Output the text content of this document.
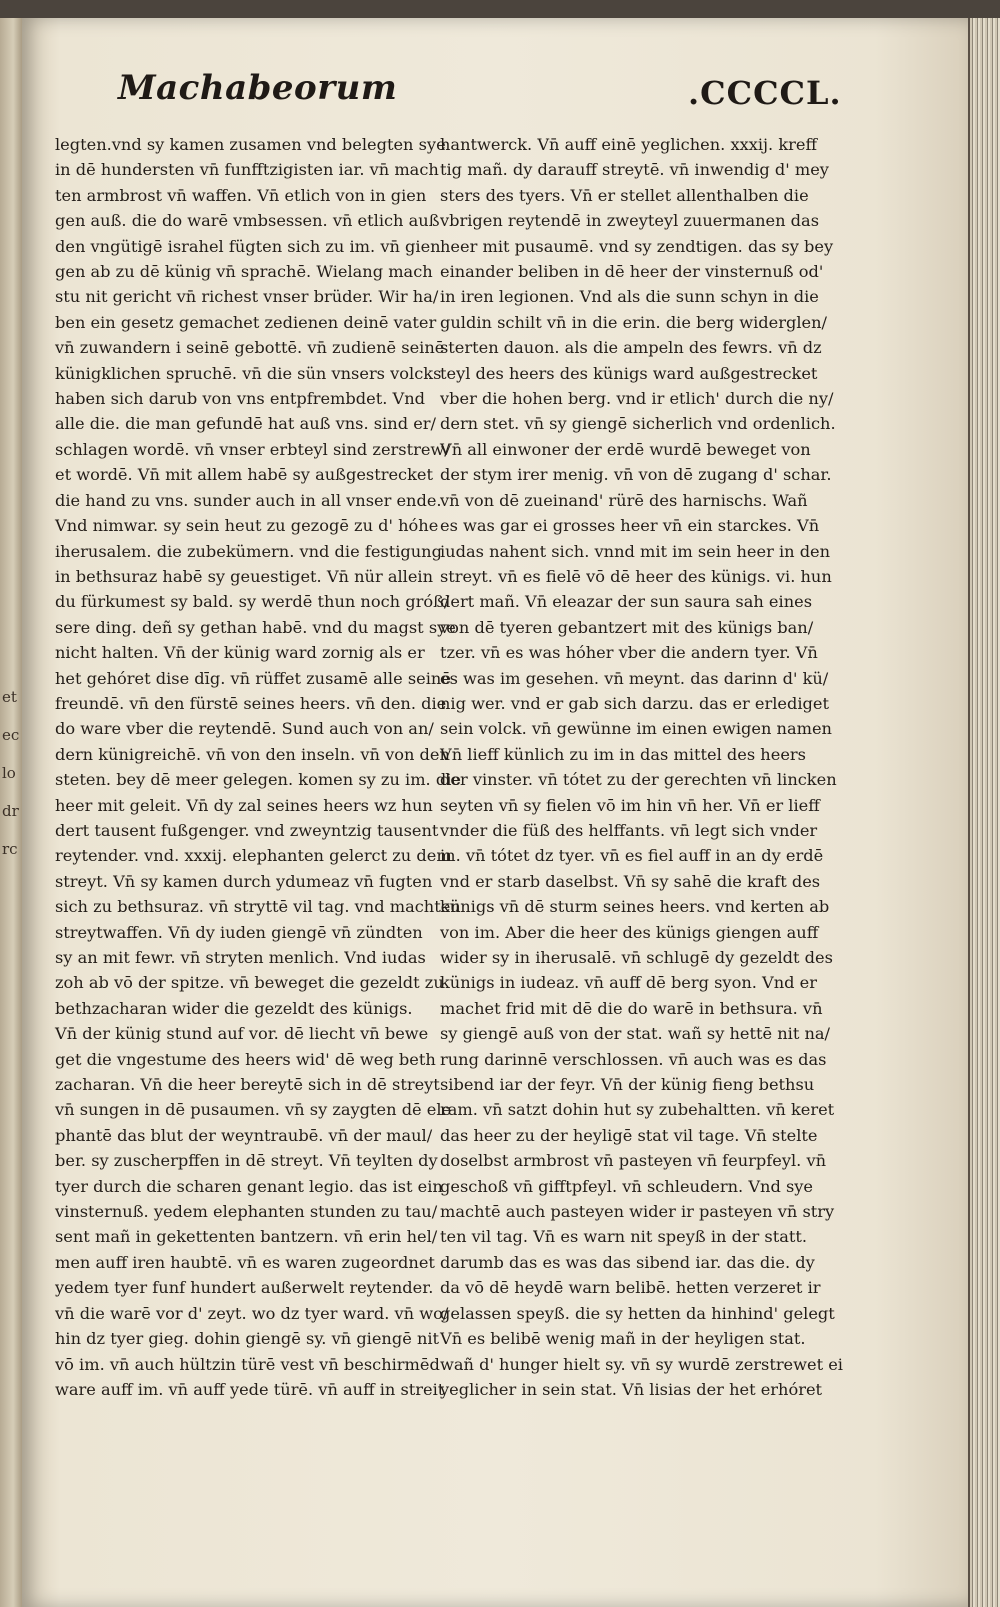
et
ec
lo
dr
rc
Machabeorum	.CCCCL.
legten.vnd sy kamen zusamen vnd belegten sye
in dē hundersten vn̄ funfftzigisten iar. vn̄ mach
ten armbrost vn̄ waffen. Vn̄ etlich von in gien
gen auß. die do warē vmbsessen. vn̄ etlich auß
den vngütigē israhel fügten sich zu im. vn̄ gien
gen ab zu dē künig vn̄ sprachē. Wielang mach
stu nit gericht vn̄ richest vnser brüder. Wir ha/
ben ein gesetz gemachet zedienen deinē vater
vn̄ zuwandern i seinē gebottē. vn̄ zudienē seinē
künigklichen spruchē. vn̄ die sün vnsers volcks
haben sich darub von vns entpfrembdet. Vnd
alle die. die man gefundē hat auß vns. sind er/
schlagen wordē. vn̄ vnser erbteyl sind zerstrew/
et wordē. Vn̄ mit allem habē sy außgestrecket
die hand zu vns. sunder auch in all vnser ende.
Vnd nimwar. sy sein heut zu gezogē zu d' hóhe
iherusalem. die zubekümern. vnd die festigung
in bethsuraz habē sy geuestiget. Vn̄ nür allein
du fürkumest sy bald. sy werdē thun noch gróß/
sere ding. deñ sy gethan habē. vnd du magst sye
nicht halten. Vn̄ der künig ward zornig als er
het gehóret dise dīg. vn̄ rüffet zusamē alle seinē
freundē. vn̄ den fürstē seines heers. vn̄ den. die
do ware vber die reytendē. Sund auch von an/
dern künigreichē. vn̄ von den inseln. vn̄ von den
steten. bey dē meer gelegen. komen sy zu im. die
heer mit geleit. Vn̄ dy zal seines heers wz hun
dert tausent fußgenger. vnd zweyntzig tausent
reytender. vnd. xxxij. elephanten gelerct zu dem
streyt. Vn̄ sy kamen durch ydumeaz vn̄ fugten
sich zu bethsuraz. vn̄ stryttē vil tag. vnd machten
streytwaffen. Vn̄ dy iuden giengē vn̄ zündten
sy an mit fewr. vn̄ stryten menlich. Vnd iudas
zoh ab vō der spitze. vn̄ beweget die gezeldt zu
bethzacharan wider die gezeldt des künigs.
Vn̄ der künig stund auf vor. dē liecht vn̄ bewe
get die vngestume des heers wid' dē weg beth
zacharan. Vn̄ die heer bereytē sich in dē streyt
vn̄ sungen in dē pusaumen. vn̄ sy zaygten dē ele
phantē das blut der weyntraubē. vn̄ der maul/
ber. sy zuscherpffen in dē streyt. Vn̄ teylten dy
tyer durch die scharen genant legio. das ist ein
vinsternuß. yedem elephanten stunden zu tau/
sent mañ in gekettenten bantzern. vn̄ erin hel/
men auff iren haubtē. vn̄ es waren zugeordnet
yedem tyer funf hundert außerwelt reytender.
vn̄ die warē vor d' zeyt. wo dz tyer ward. vn̄ wo/
hin dz tyer gieg. dohin giengē sy. vn̄ giengē nit
vō im. vn̄ auch hültzin türē vest vn̄ beschirmēd
ware auff im. vn̄ auff yede türē. vn̄ auff in streit
hantwerck. Vn̄ auff einē yeglichen. xxxij. kreff
tig mañ. dy darauff streytē. vn̄ inwendig d' mey
sters des tyers. Vn̄ er stellet allenthalben die
vbrigen reytendē in zweyteyl zuuermanen das
heer mit pusaumē. vnd sy zendtigen. das sy bey
einander beliben in dē heer der vinsternuß od'
in iren legionen. Vnd als die sunn schyn in die
guldin schilt vn̄ in die erin. die berg widerglen/
sterten dauon. als die ampeln des fewrs. vn̄ dz
teyl des heers des künigs ward außgestrecket
vber die hohen berg. vnd ir etlich' durch die ny/
dern stet. vn̄ sy giengē sicherlich vnd ordenlich.
Vn̄ all einwoner der erdē wurdē beweget von
der stym irer menig. vn̄ von dē zugang d' schar.
vn̄ von dē zueinand' rürē des harnischs. Wañ
es was gar ei grosses heer vn̄ ein starckes. Vn̄
iudas nahent sich. vnnd mit im sein heer in den
streyt. vn̄ es fielē vō dē heer des künigs. vi. hun
dert mañ. Vn̄ eleazar der sun saura sah eines
von dē tyeren gebantzert mit des künigs ban/
tzer. vn̄ es was hóher vber die andern tyer. Vn̄
es was im gesehen. vn̄ meynt. das darinn d' kü/
nig wer. vnd er gab sich darzu. das er erlediget
sein volck. vn̄ gewünne im einen ewigen namen
Vn̄ lieff künlich zu im in das mittel des heers
der vinster. vn̄ tótet zu der gerechten vn̄ lincken
seyten vn̄ sy fielen vō im hin vn̄ her. Vn̄ er lieff
vnder die füß des helffants. vn̄ legt sich vnder
in. vn̄ tótet dz tyer. vn̄ es fiel auff in an dy erdē
vnd er starb daselbst. Vn̄ sy sahē die kraft des
künigs vn̄ dē sturm seines heers. vnd kerten ab
von im. Aber die heer des künigs giengen auff
wider sy in iherusalē. vn̄ schlugē dy gezeldt des
künigs in iudeaz. vn̄ auff dē berg syon. Vnd er
machet frid mit dē die do warē in bethsura. vn̄
sy giengē auß von der stat. wañ sy hettē nit na/
rung darinnē verschlossen. vn̄ auch was es das
sibend iar der feyr. Vn̄ der künig fieng bethsu
ram. vn̄ satzt dohin hut sy zubehaltten. vn̄ keret
das heer zu der heyligē stat vil tage. Vn̄ stelte
doselbst armbrost vn̄ pasteyen vn̄ feurpfeyl. vn̄
geschoß vn̄ gifftpfeyl. vn̄ schleudern. Vnd sye
machtē auch pasteyen wider ir pasteyen vn̄ stry
ten vil tag. Vn̄ es warn nit speyß in der statt.
darumb das es was das sibend iar. das die. dy
da vō dē heydē warn belibē. hetten verzeret ir
gelassen speyß. die sy hetten da hinhind' gelegt
Vn̄ es belibē wenig mañ in der heyligen stat.
wañ d' hunger hielt sy. vn̄ sy wurdē zerstrewet ei
yeglicher in sein stat. Vn̄ lisias der het erhóret
